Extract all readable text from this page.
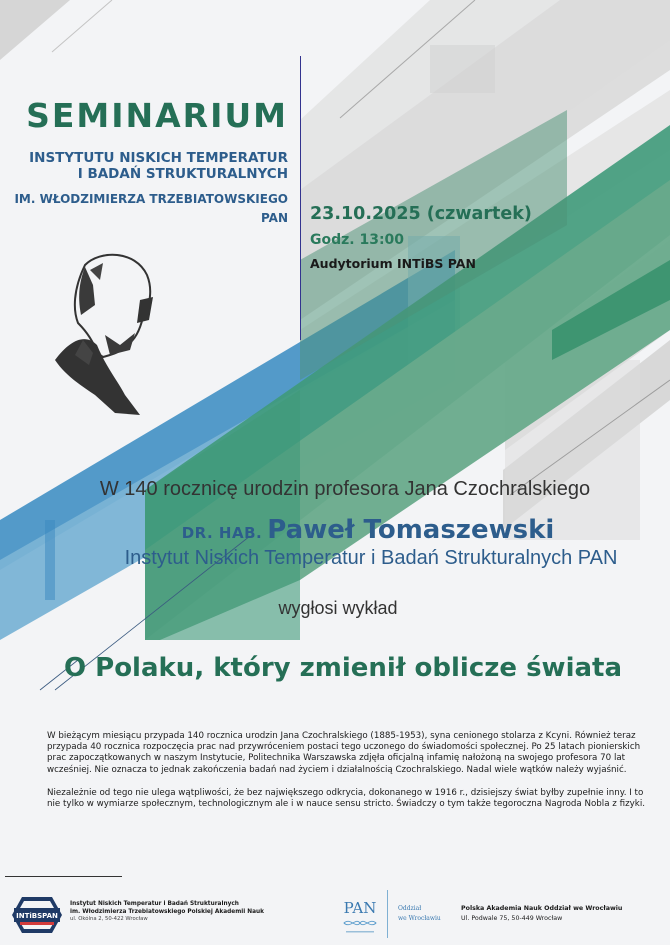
SEMINARIUM
INSTYTUTU NISKICH TEMPERATUR
I BADAŃ STRUKTURALNYCH
IM. WŁODZIMIERZA TRZEBIATOWSKIEGO
PAN 23.10.2025 (czwartek)
Godz. 13:00
Audytorium INTiBS PAN
W 140 rocznicę urodzin profesora Jana Czochralskiego
DR. HAB. Paweł Tomaszewski
Instytut Niskich Temperatur i Badań Strukturalnych PAN
wygłosi wykład
O Polaku, który zmienił oblicze świata

W bieżącym miesiącu przypada 140 rocznica urodzin Jana Czochralskiego (1885-1953), syna cenionego stolarza z Kcyni. Również teraz przypada 40 rocznica rozpoczęcia prac nad przywróceniem postaci tego uczonego do świadomości społecznej. Po 25 latach pionierskich prac zapoczątkowanych w naszym Instytucie, Politechnika Warszawska zdjęła oficjalną infamię nałożoną na swojego profesora 70 lat wcześniej. Nie oznacza to jednak zakończenia badań nad życiem i działalnością Czochralskiego. Nadal wiele wątków należy wyjaśnić.

Niezależnie od tego nie ulega wątpliwości, że bez największego odkrycia, dokonanego w 1916 r., dzisiejszy świat byłby zupełnie inny. I to nie tylko w wymiarze społecznym, technologicznym ale i w nauce sensu stricto. Świadczy o tym także tegoroczna Nagroda Nobla z fizyki.

INTiBSPAN
Instytut Niskich Temperatur i Badań Strukturalnych
im. Włodzimierza Trzebiatowskiego Polskiej Akademii Nauk
ul. Okólna 2, 50-422 Wrocław
PAN	Oddział
we Wrocławiu
Polska Akademia Nauk Oddział we Wrocławiu
Ul. Podwale 75, 50-449 Wrocław
